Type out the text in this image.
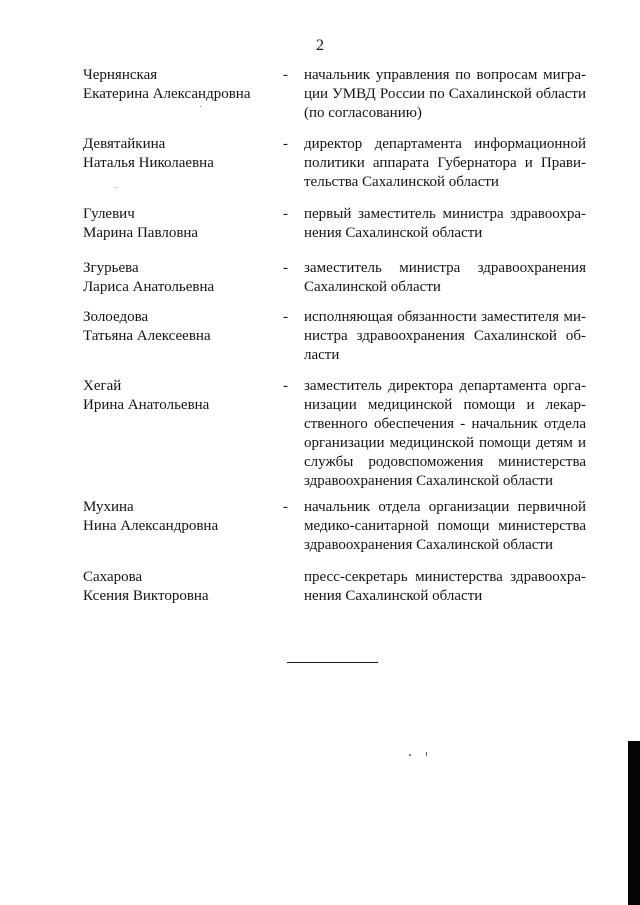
2
Чернянская
Екатерина Александровна
- начальник управления по вопросам миграции УМВД России по Сахалинской области (по согласованию)
Девятайкина
Наталья Николаевна
- директор департамента информационной политики аппарата Губернатора и Правительства Сахалинской области
Гулевич
Марина Павловна
- первый заместитель министра здравоохранения Сахалинской области
Згурьева
Лариса Анатольевна
- заместитель министра здравоохранения Сахалинской области
Золоедова
Татьяна Алексеевна
- исполняющая обязанности заместителя министра здравоохранения Сахалинской области
Хегай
Ирина Анатольевна
- заместитель директора департамента организации медицинской помощи и лекарственного обеспечения - начальник отдела организации медицинской помощи детям и службы родовспоможения министерства здравоохранения Сахалинской области
Мухина
Нина Александровна
- начальник отдела организации первичной медико-санитарной помощи министерства здравоохранения Сахалинской области
Сахарова
Ксения Викторовна
пресс-секретарь министерства здравоохранения Сахалинской области
